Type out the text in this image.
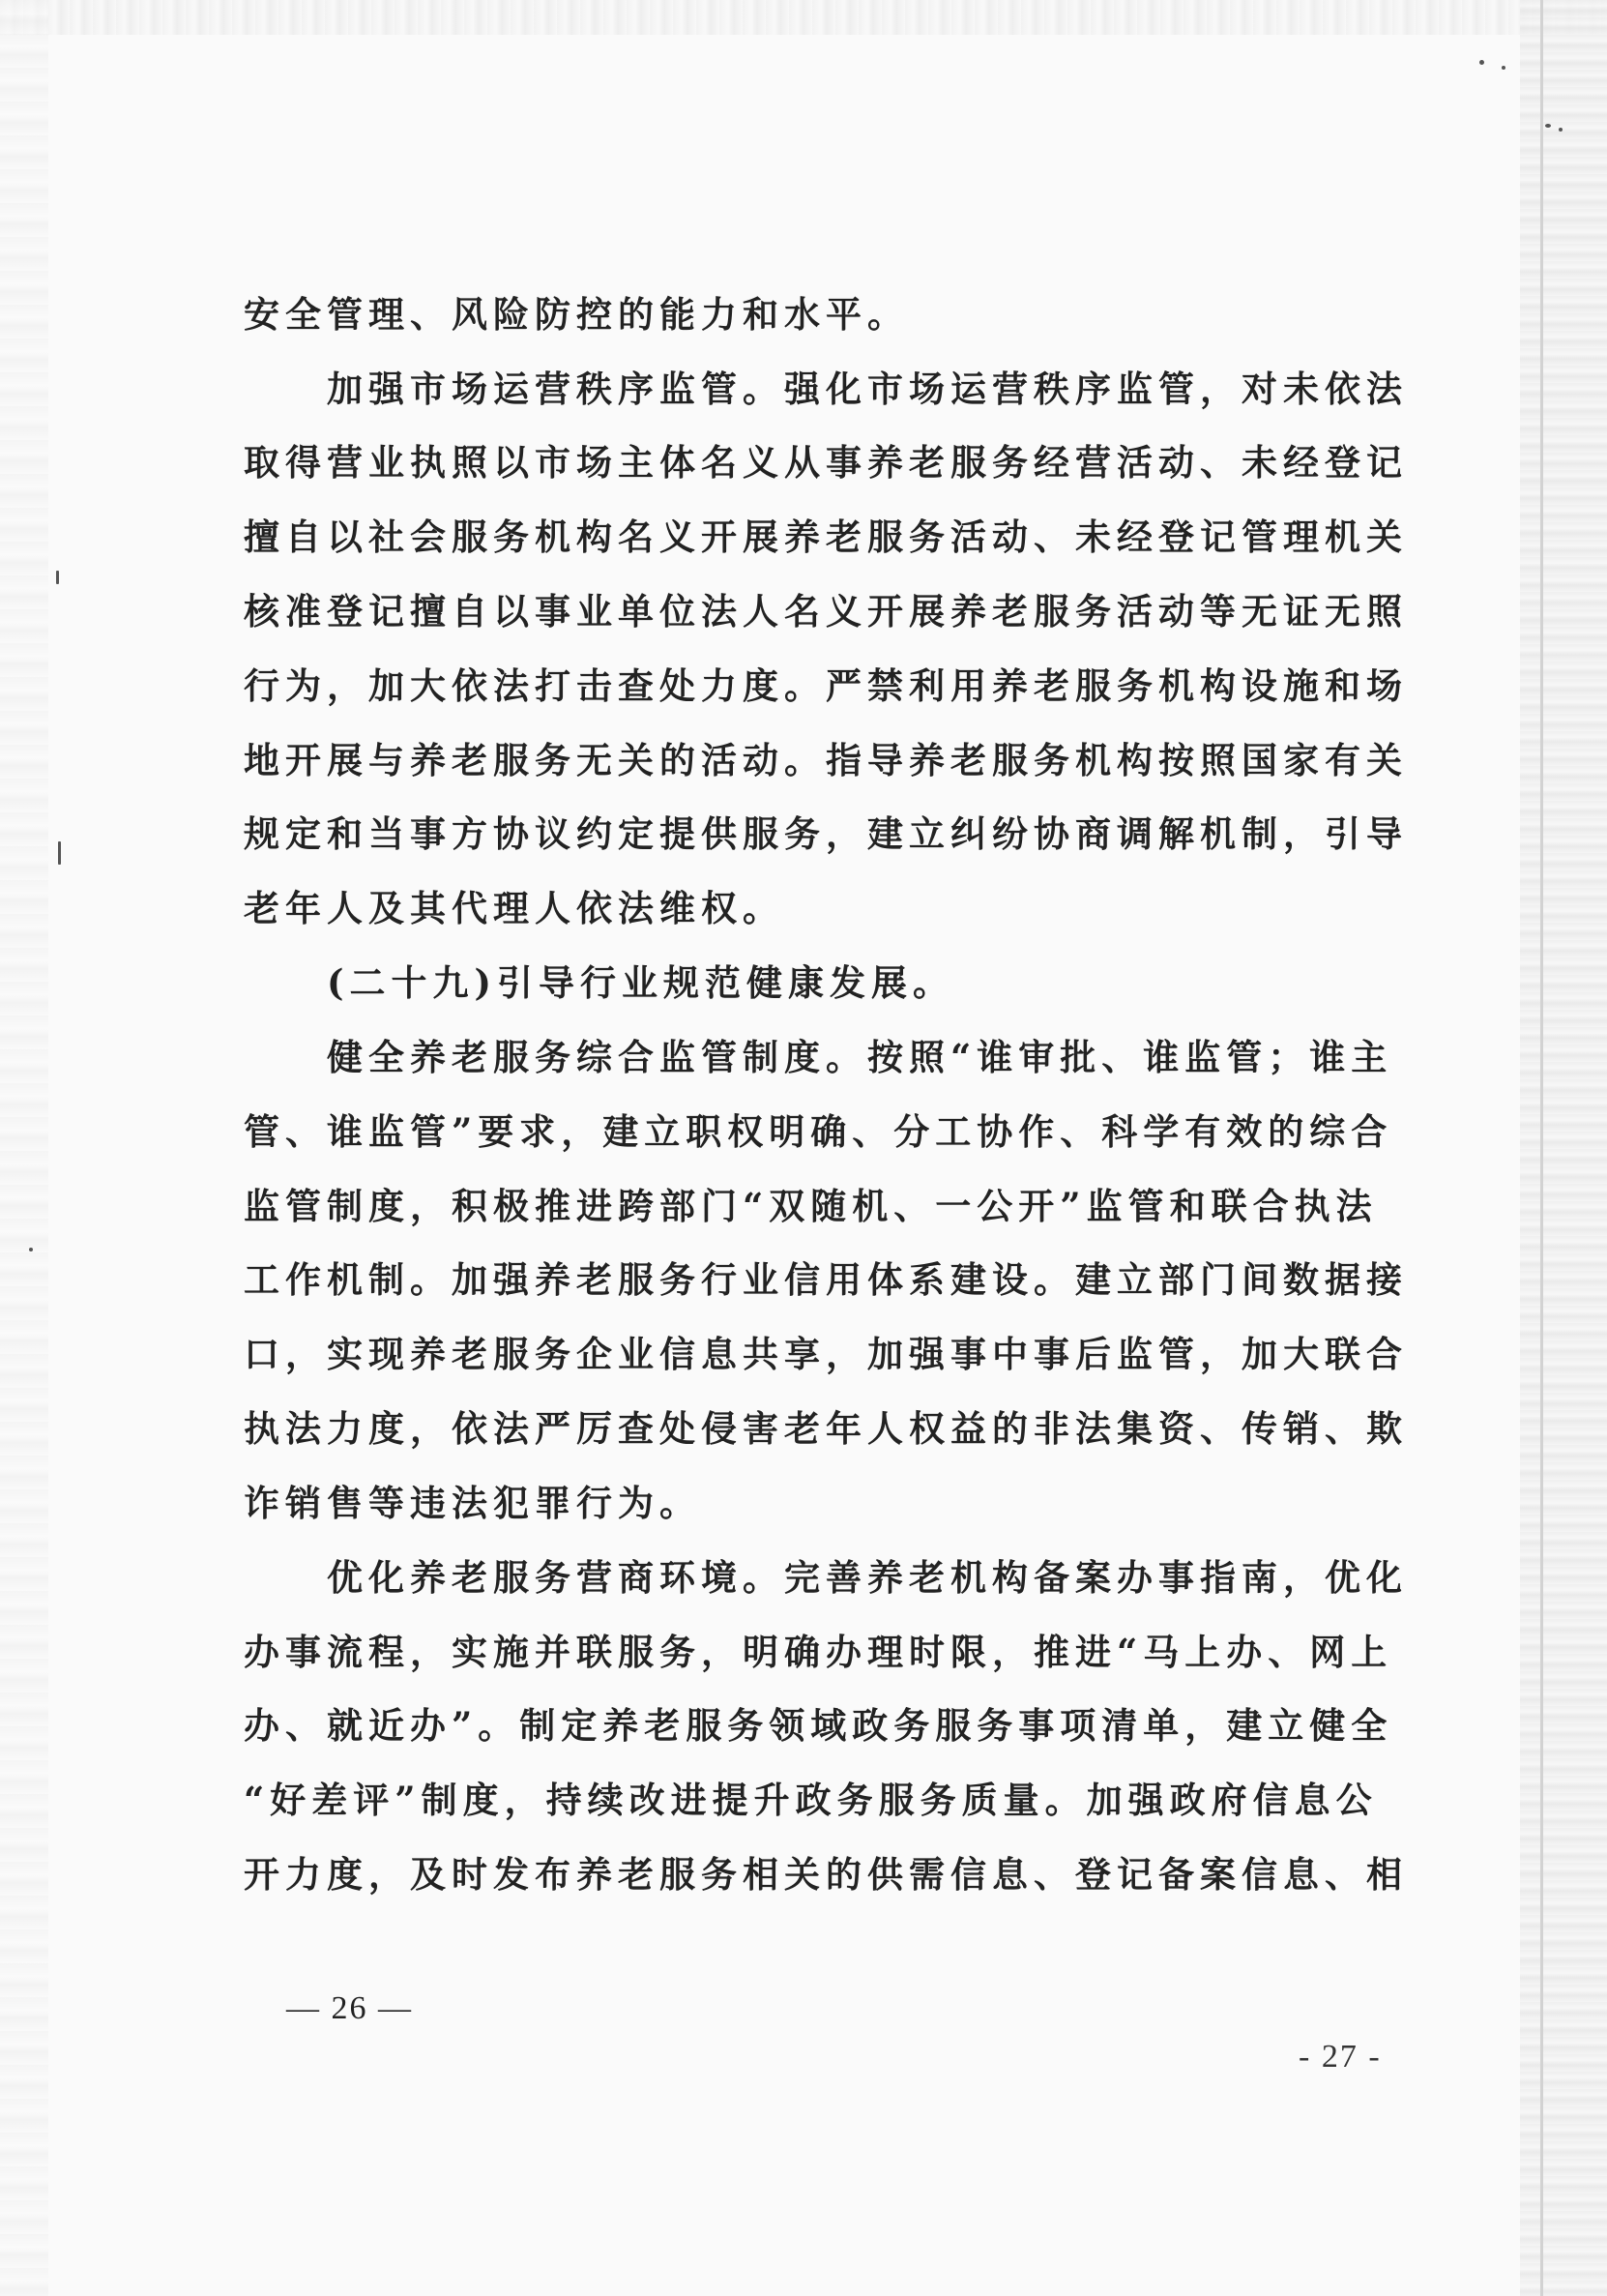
安全管理、风险防控的能力和水平。
　　加强市场运营秩序监管。强化市场运营秩序监管，对未依法
取得营业执照以市场主体名义从事养老服务经营活动、未经登记
擅自以社会服务机构名义开展养老服务活动、未经登记管理机关
核准登记擅自以事业单位法人名义开展养老服务活动等无证无照
行为，加大依法打击查处力度。严禁利用养老服务机构设施和场
地开展与养老服务无关的活动。指导养老服务机构按照国家有关
规定和当事方协议约定提供服务，建立纠纷协商调解机制，引导
老年人及其代理人依法维权。
　　(二十九)引导行业规范健康发展。
　　健全养老服务综合监管制度。按照“谁审批、谁监管；谁主
管、谁监管”要求，建立职权明确、分工协作、科学有效的综合
监管制度，积极推进跨部门“双随机、一公开”监管和联合执法
工作机制。加强养老服务行业信用体系建设。建立部门间数据接
口，实现养老服务企业信息共享，加强事中事后监管，加大联合
执法力度，依法严厉查处侵害老年人权益的非法集资、传销、欺
诈销售等违法犯罪行为。
　　优化养老服务营商环境。完善养老机构备案办事指南，优化
办事流程，实施并联服务，明确办理时限，推进“马上办、网上
办、就近办”。制定养老服务领域政务服务事项清单，建立健全
“好差评”制度，持续改进提升政务服务质量。加强政府信息公
开力度，及时发布养老服务相关的供需信息、登记备案信息、相
— 26 —
- 27 -
